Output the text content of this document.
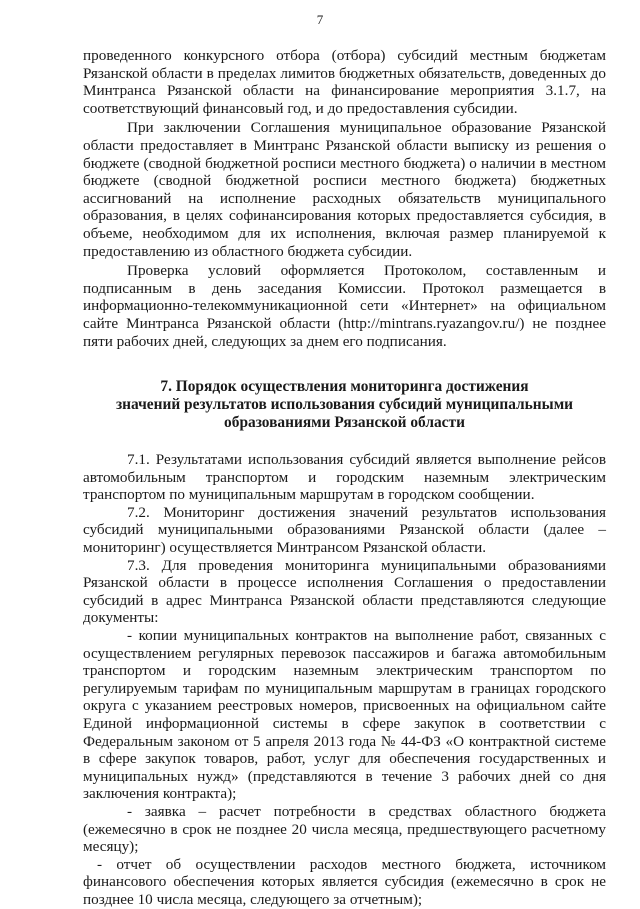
7

проведенного конкурсного отбора (отбора) субсидий местным бюджетам Рязанской области в пределах лимитов бюджетных обязательств, доведенных до Минтранса Рязанской области на финансирование мероприятия 3.1.7, на соответствующий финансовый год, и до предоставления субсидии.

При заключении Соглашения муниципальное образование Рязанской области предоставляет в Минтранс Рязанской области выписку из решения о бюджете (сводной бюджетной росписи местного бюджета) о наличии в местном бюджете (сводной бюджетной росписи местного бюджета) бюджетных ассигнований на исполнение расходных обязательств муниципального образования, в целях софинансирования которых предоставляется субсидия, в объеме, необходимом для их исполнения, включая размер планируемой к предоставлению из областного бюджета субсидии.

Проверка условий оформляется Протоколом, составленным и подписанным в день заседания Комиссии. Протокол размещается в информационно-телекоммуникационной сети «Интернет» на официальном сайте Минтранса Рязанской области (http://mintrans.ryazangov.ru/) не позднее пяти рабочих дней, следующих за днем его подписания.

7. Порядок осуществления мониторинга достижения
значений результатов использования субсидий муниципальными
образованиями Рязанской области

7.1. Результатами использования субсидий является выполнение рейсов автомобильным транспортом и городским наземным электрическим транспортом по муниципальным маршрутам в городском сообщении.

7.2. Мониторинг достижения значений результатов использования субсидий муниципальными образованиями Рязанской области (далее – мониторинг) осуществляется Минтрансом Рязанской области.

7.3. Для проведения мониторинга муниципальными образованиями Рязанской области в процессе исполнения Соглашения о предоставлении субсидий в адрес Минтранса Рязанской области представляются следующие документы:

- копии муниципальных контрактов на выполнение работ, связанных с осуществлением регулярных перевозок пассажиров и багажа автомобильным транспортом и городским наземным электрическим транспортом по регулируемым тарифам по муниципальным маршрутам в границах городского округа с указанием реестровых номеров, присвоенных на официальном сайте Единой информационной системы в сфере закупок в соответствии с Федеральным законом от 5 апреля 2013 года № 44-ФЗ «О контрактной системе в сфере закупок товаров, работ, услуг для обеспечения государственных и муниципальных нужд» (представляются в течение 3 рабочих дней со дня заключения контракта);

- заявка – расчет потребности в средствах областного бюджета (ежемесячно в срок не позднее 20 числа месяца, предшествующего расчетному месяцу);

- отчет об осуществлении расходов местного бюджета, источником финансового обеспечения которых является субсидия (ежемесячно в срок не позднее 10 числа месяца, следующего за отчетным);
